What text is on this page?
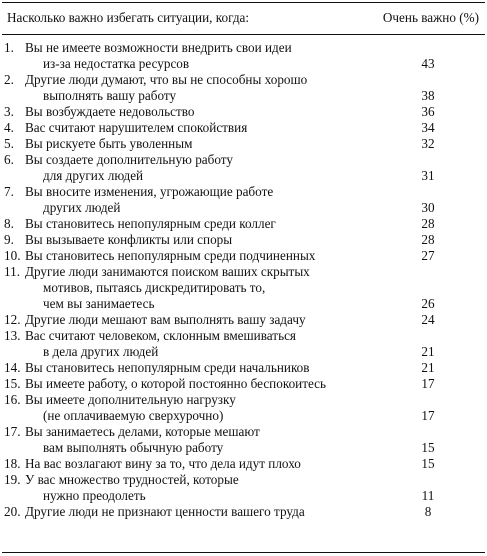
Насколько важно избегать ситуации, когда:	Очень важно (%)
1. Вы не имеете возможности внедрить свои идеи
из-за недостатка ресурсов	43
2. Другие люди думают, что вы не способны хорошо
выполнять вашу работу	38
3. Вы возбуждаете недовольство	36
4. Вас считают нарушителем спокойствия	34
5. Вы рискуете быть уволенным	32
6. Вы создаете дополнительную работу
для других людей	31
7. Вы вносите изменения, угрожающие работе
других людей	30
8. Вы становитесь непопулярным среди коллег	28
9. Вы вызываете конфликты или споры	28
10. Вы становитесь непопулярным среди подчиненных	27
11. Другие люди занимаются поиском ваших скрытых
мотивов, пытаясь дискредитировать то,
чем вы занимаетесь	26
12. Другие люди мешают вам выполнять вашу задачу	24
13. Вас считают человеком, склонным вмешиваться
в дела других людей	21
14. Вы становитесь непопулярным среди начальников	21
15. Вы имеете работу, о которой постоянно беспокоитесь	17
16. Вы имеете дополнительную нагрузку
(не оплачиваемую сверхурочно)	17
17. Вы занимаетесь делами, которые мешают
вам выполнять обычную работу	15
18. На вас возлагают вину за то, что дела идут плохо	15
19. У вас множество трудностей, которые
нужно преодолеть	11
20. Другие люди не признают ценности вашего труда	8
